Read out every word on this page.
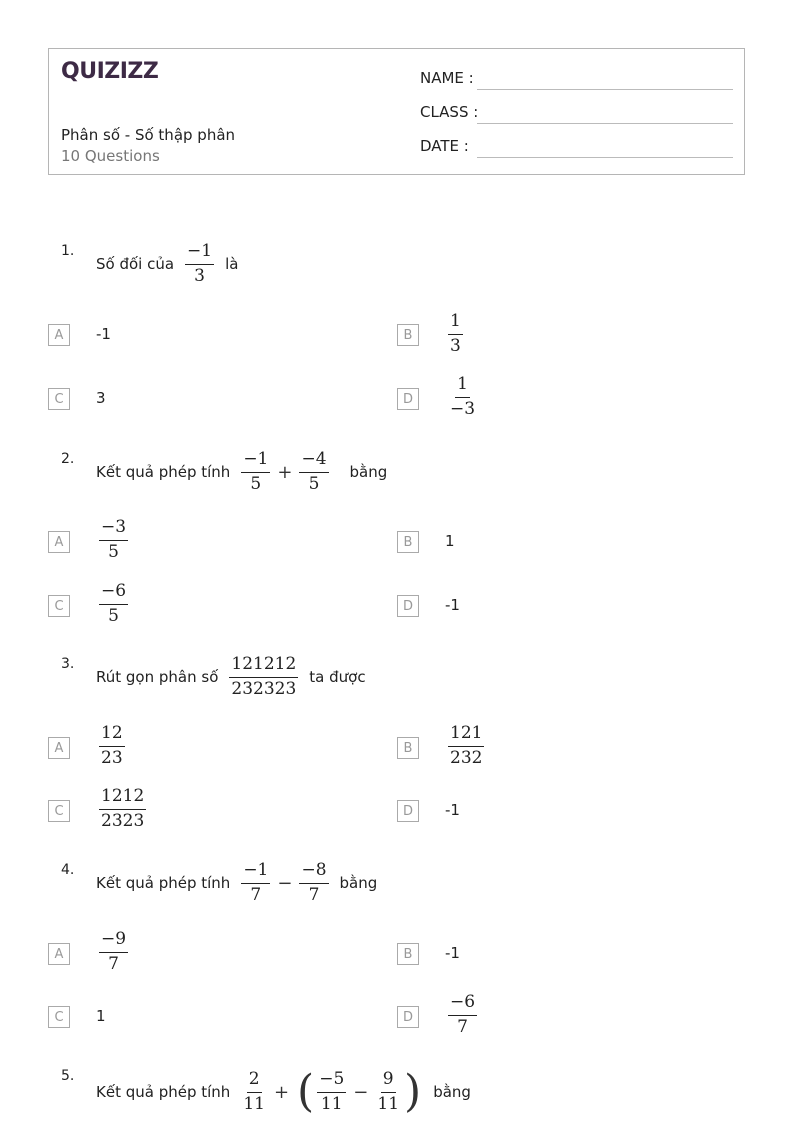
QUIZIZZ
Phân số - Số thập phân
10 Questions
NAME :
CLASS :
DATE :
1.
Số đối của $\frac{-1}{3}$ là
A	-1	B	$\frac{1}{3}$
C	3	D	$\frac{1}{-3}$
2.
Kết quả phép tính $\frac{-1}{5} + \frac{-4}{5}$ bằng
A	$\frac{-3}{5}$	B	1
C	$\frac{-6}{5}$	D	-1
3.
Rút gọn phân số $\frac{121212}{232323}$ ta được
A	$\frac{12}{23}$	B	$\frac{121}{232}$
C	$\frac{1212}{2323}$	D	-1
4.
Kết quả phép tính $\frac{-1}{7} - \frac{-8}{7}$ bằng
A	$\frac{-9}{7}$	B	-1
C	1	D	$\frac{-6}{7}$
5.
Kết quả phép tính $\frac{2}{11}$ + ( $\frac{-5}{11} - \frac{9}{11}$ ) bằng
